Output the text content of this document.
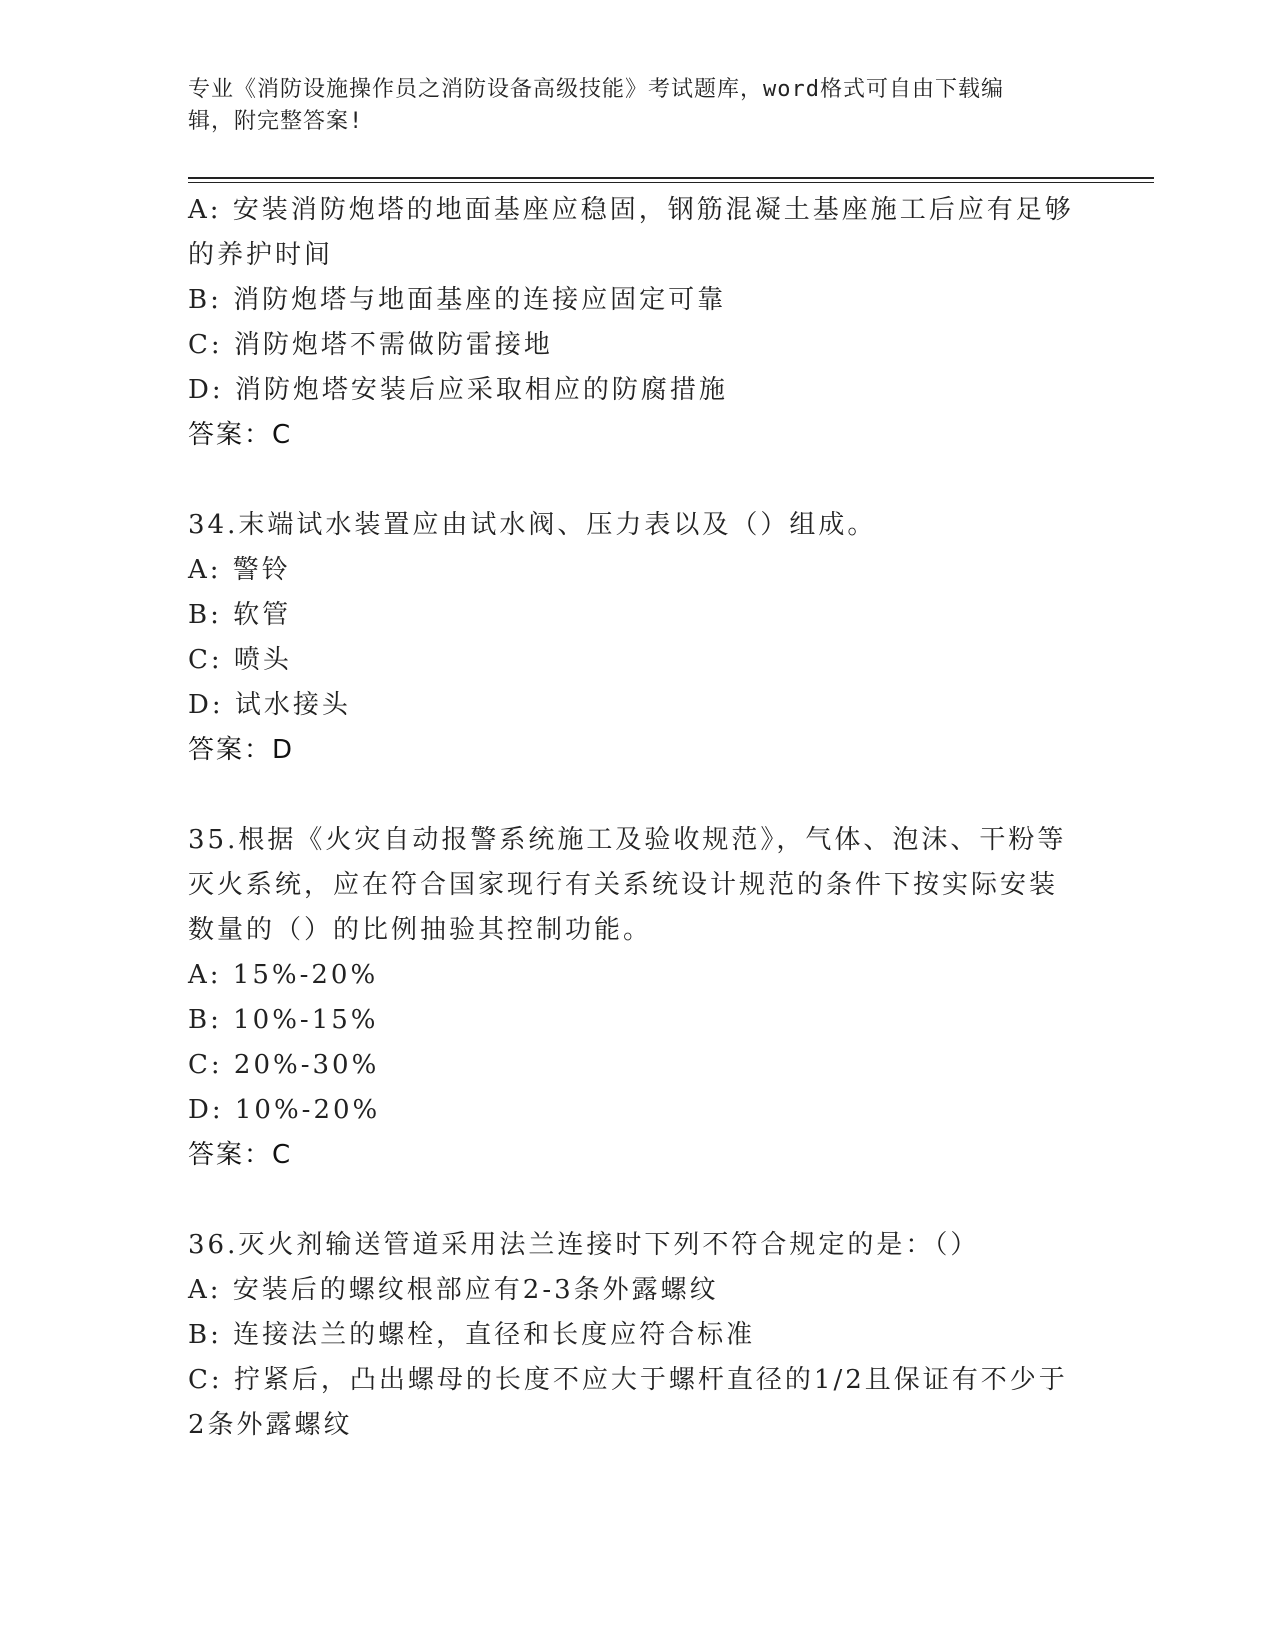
专业《消防设施操作员之消防设备高级技能》考试题库，word格式可自由下载编
辑，附完整答案!
A: 安装消防炮塔的地面基座应稳固，钢筋混凝土基座施工后应有足够
的养护时间
B: 消防炮塔与地面基座的连接应固定可靠
C: 消防炮塔不需做防雷接地
D: 消防炮塔安装后应采取相应的防腐措施
答案：C
34.末端试水装置应由试水阀、压力表以及（）组成。
A: 警铃
B: 软管
C: 喷头
D: 试水接头
答案：D
35.根据《火灾自动报警系统施工及验收规范》，气体、泡沫、干粉等
灭火系统，应在符合国家现行有关系统设计规范的条件下按实际安装
数量的（）的比例抽验其控制功能。
A: 15%-20%
B: 10%-15%
C: 20%-30%
D: 10%-20%
答案：C
36.灭火剂输送管道采用法兰连接时下列不符合规定的是：（）
A: 安装后的螺纹根部应有2-3条外露螺纹
B: 连接法兰的螺栓，直径和长度应符合标准
C: 拧紧后，凸出螺母的长度不应大于螺杆直径的1/2且保证有不少于
2条外露螺纹
